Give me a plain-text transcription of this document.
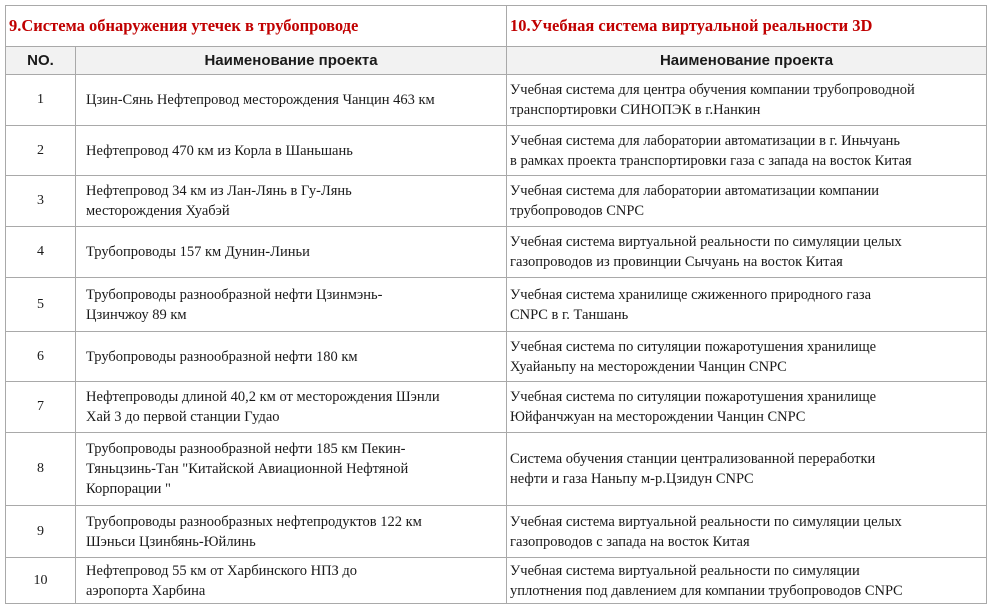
9.Система обнаружения утечек в трубопроводе		10.Учебная система виртуальной реальности 3D
NO.	Наименование проекта	Наименование проекта
1	Цзин-Сянь Нефтепровод месторождения Чанцин 463 км	Учебная система для центра обучения компании трубопроводной
транспортировки СИНОПЭК в г.Нанкин

2	Нефтепровод 470 км из Корла в Шаньшань	Учебная система для лаборатории автоматизации в г. Иньчуань
в рамках проекта транспортировки газа с запада на восток Китая

3	Нефтепровод 34 км из Лан-Лянь в Гу-Лянь
месторождения Хуабэй	Учебная система для лаборатории автоматизации компании
трубопроводов CNPC

4	Трубопроводы 157 км Дунин-Линьи	Учебная система виртуальной реальности по симуляции целых
газопроводов из провинции Сычуань на восток Китая

5	Трубопроводы разнообразной нефти Цзинмэнь-
Цзинчжоу 89 км	Учебная система хранилище сжиженного природного газа
CNPC в г. Таншань

6	Трубопроводы разнообразной нефти 180 км	Учебная система по ситуляции пожаротушения хранилище
Хуайаньпу на месторождении Чанцин CNPC

7	Нефтепроводы длиной 40,2 км от месторождения Шэнли
Хай 3 до первой станции Гудао	Учебная система по ситуляции пожаротушения хранилище
Юйфанчжуан на месторождении Чанцин CNPC

8	Трубопроводы разнообразной нефти 185 км Пекин-
Тяньцзинь-Тан "Китайской Авиационной Нефтяной
Корпорации "	Система обучения станции централизованной переработки
нефти и газа Наньпу м-р.Цзидун CNPC

9	Трубопроводы разнообразных нефтепродуктов 122 км
Шэньси Цзинбянь-Юйлинь	Учебная система виртуальной реальности по симуляции целых
газопроводов с запада на восток Китая

10	Нефтепровод 55 км от Харбинского НПЗ до
аэропорта Харбина	Учебная система виртуальной реальности по симуляции
уплотнения под давлением для компании трубопроводов CNPC
